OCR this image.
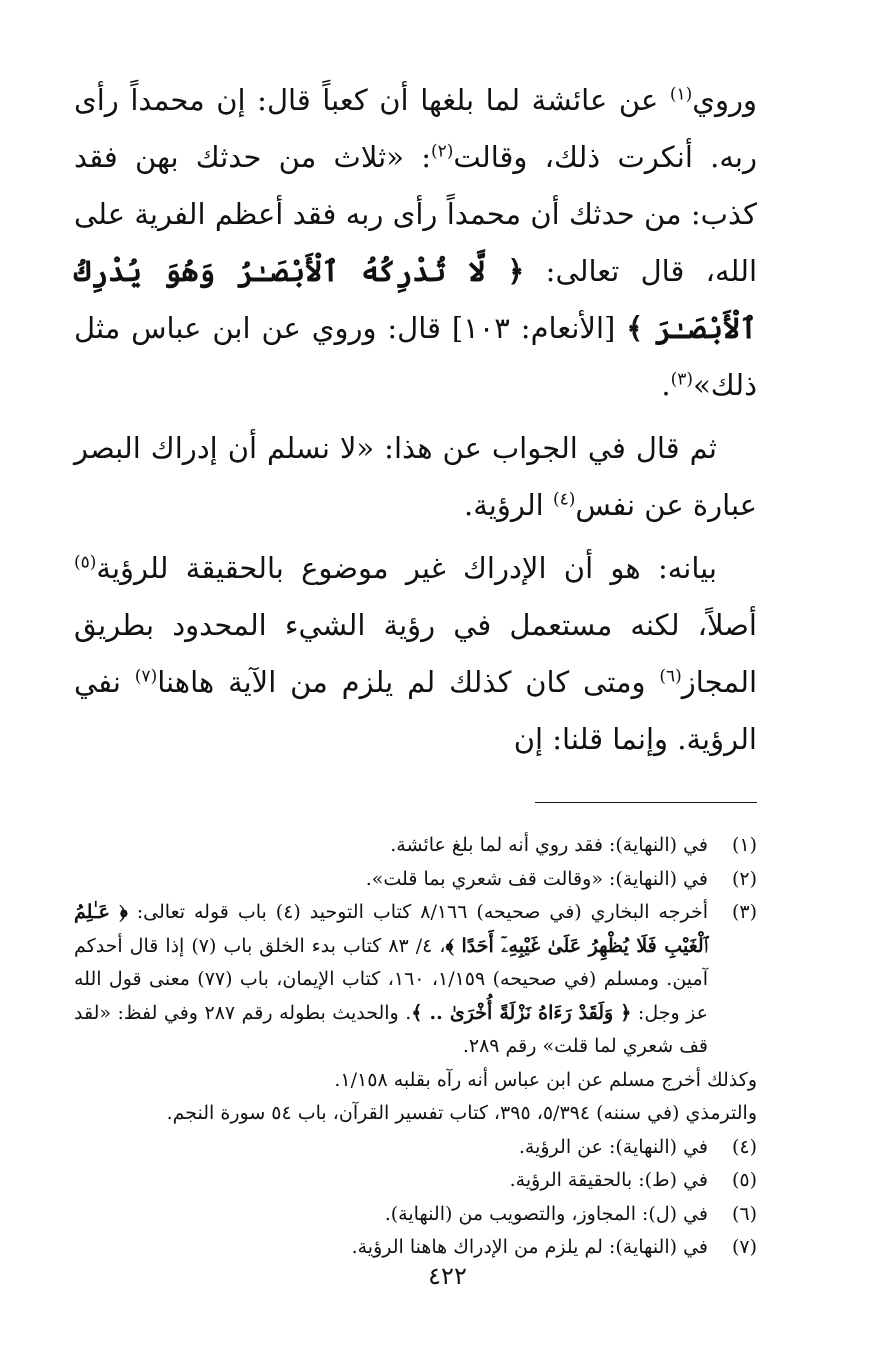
وروي$^{(١)}$ عن عائشة لما بلغها أن كعباً قال: إن محمداً رأى ربه. أنكرت ذلك، وقالت$^{(٢)}$: «ثلاث من حدثك بهن فقد كذب: من حدثك أن محمداً رأى ربه فقد أعظم الفرية على الله، قال تعالى: ﴿ لَّا تُدْرِكُهُ ٱلْأَبْصَـٰرُ وَهُوَ يُدْرِكُ ٱلْأَبْصَـٰرَ ﴾ [الأنعام: ١٠٣] قال: وروي عن ابن عباس مثل ذلك»$^{(٣)}$.

ثم قال في الجواب عن هذا: «لا نسلم أن إدراك البصر عبارة عن نفس$^{(٤)}$ الرؤية.

بيانه: هو أن الإدراك غير موضوع بالحقيقة للرؤية$^{(٥)}$ أصلاً، لكنه مستعمل في رؤية الشيء المحدود بطريق المجاز$^{(٦)}$ ومتى كان كذلك لم يلزم من الآية هاهنا$^{(٧)}$ نفي الرؤية. وإنما قلنا: إن

(١)
في (النهاية): فقد روي أنه لما بلغ عائشة.
(٢)
في (النهاية): «وقالت قف شعري بما قلت».
(٣)
أخرجه البخاري (في صحيحه) ٨/١٦٦ كتاب التوحيد (٤) باب قوله تعالى: ﴿ عَـٰلِمُ ٱلْغَيْبِ فَلَا يُظْهِرُ عَلَىٰ غَيْبِهِۦٓ أَحَدًا ﴾، ٤/ ٨٣ كتاب بدء الخلق باب (٧) إذا قال أحدكم آمين. ومسلم (في صحيحه) ١/١٥٩، ١٦٠، كتاب الإيمان، باب (٧٧) معنى قول الله عز وجل: ﴿ وَلَقَدْ رَءَاهُ نَزْلَةً أُخْرَىٰ .. ﴾. والحديث بطوله رقم ٢٨٧ وفي لفظ: «لقد قف شعري لما قلت» رقم ٢٨٩.
وكذلك أخرج مسلم عن ابن عباس أنه رآه بقلبه ١/١٥٨.
والترمذي (في سننه) ٥/٣٩٤، ٣٩٥، كتاب تفسير القرآن، باب ٥٤ سورة النجم.
(٤)
في (النهاية): عن الرؤية.
(٥)
في (ط): بالحقيقة الرؤية.
(٦)
في (ل): المجاوز، والتصويب من (النهاية).
(٧)
في (النهاية): لم يلزم من الإدراك هاهنا الرؤية.
٤٢٢
